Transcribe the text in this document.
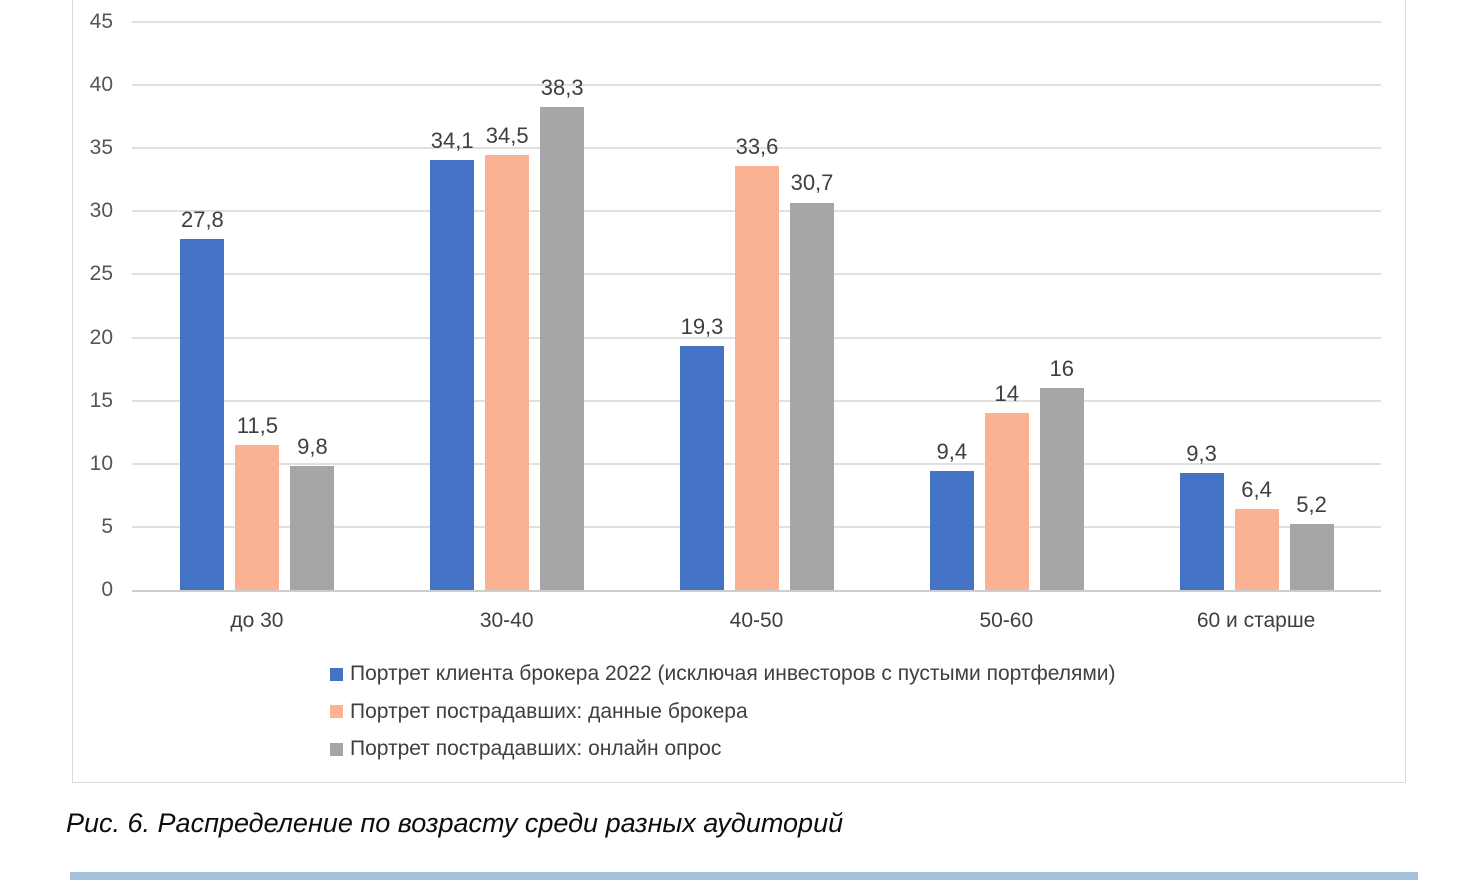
27,8
34,1
19,3
9,4	9,3
11,5
34,5	33,6
14
6,4
9,8
38,3
30,7
16
5,2
0
5
10
15
20
25
30
35
40
45
до 30	30-40	40-50	50-60	60 и старше
Портрет клиента брокера 2022 (исключая инвесторов с пустыми портфелями)
Портрет пострадавших: данные брокера
Портрет пострадавших: онлайн опрос
Рис. 6. Распределение по возрасту среди разных аудиторий
